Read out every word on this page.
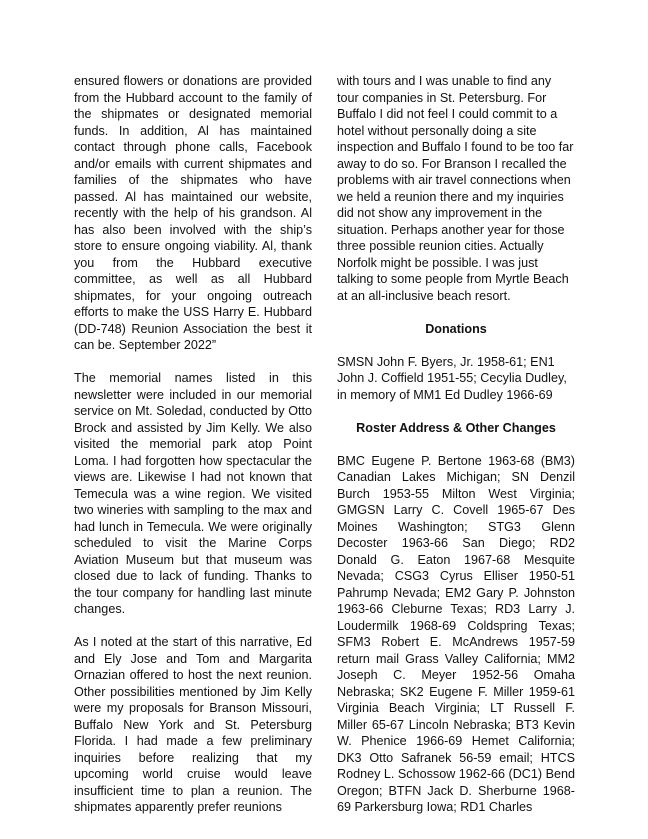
ensured flowers or donations are provided from the Hubbard account to the family of the shipmates or designated memorial funds. In addition, Al has maintained contact through phone calls, Facebook and/or emails with current shipmates and families of the shipmates who have passed. Al has maintained our website, recently with the help of his grandson. Al has also been involved with the ship’s store to ensure ongoing viability. Al, thank you from the Hubbard executive committee, as well as all Hubbard shipmates, for your ongoing outreach efforts to make the USS Harry E. Hubbard (DD-748) Reunion Association the best it can be. September 2022”

The memorial names listed in this newsletter were included in our memorial service on Mt. Soledad, conducted by Otto Brock and assisted by Jim Kelly. We also visited the memorial park atop Point Loma. I had forgotten how spectacular the views are. Likewise I had not known that Temecula was a wine region. We visited two wineries with sampling to the max and had lunch in Temecula. We were originally scheduled to visit the Marine Corps Aviation Museum but that museum was closed due to lack of funding. Thanks to the tour company for handling last minute changes.

As I noted at the start of this narrative, Ed and Ely Jose and Tom and Margarita Ornazian offered to host the next reunion. Other possibilities mentioned by Jim Kelly were my proposals for Branson Missouri, Buffalo New York and St. Petersburg Florida. I had made a few preliminary inquiries before realizing that my upcoming world cruise would leave insufficient time to plan a reunion. The shipmates apparently prefer reunions

with tours and I was unable to find any tour companies in St. Petersburg. For Buffalo I did not feel I could commit to a hotel without personally doing a site inspection and Buffalo I found to be too far away to do so. For Branson I recalled the problems with air travel connections when we held a reunion there and my inquiries did not show any improvement in the situation. Perhaps another year for those three possible reunion cities. Actually Norfolk might be possible. I was just talking to some people from Myrtle Beach at an all-inclusive beach resort.

Donations

SMSN John F. Byers, Jr. 1958-61; EN1 John J. Coffield 1951-55; Cecylia Dudley, in memory of MM1 Ed Dudley 1966-69

Roster Address & Other Changes

BMC Eugene P. Bertone 1963-68 (BM3) Canadian Lakes Michigan; SN Denzil Burch 1953-55 Milton West Virginia; GMGSN Larry C. Covell 1965-67 Des Moines Washington; STG3 Glenn Decoster 1963-66 San Diego; RD2 Donald G. Eaton 1967-68 Mesquite Nevada; CSG3 Cyrus Elliser 1950-51 Pahrump Nevada; EM2 Gary P. Johnston 1963-66 Cleburne Texas; RD3 Larry J. Loudermilk 1968-69 Coldspring Texas; SFM3 Robert E. McAndrews 1957-59 return mail Grass Valley California; MM2 Joseph C. Meyer 1952-56 Omaha Nebraska; SK2 Eugene F. Miller 1959-61 Virginia Beach Virginia; LT Russell F. Miller 65-67 Lincoln Nebraska; BT3 Kevin W. Phenice 1966-69 Hemet California; DK3 Otto Safranek 56-59 email; HTCS Rodney L. Schossow 1962-66 (DC1) Bend Oregon; BTFN Jack D. Sherburne 1968-69 Parkersburg Iowa; RD1 Charles
